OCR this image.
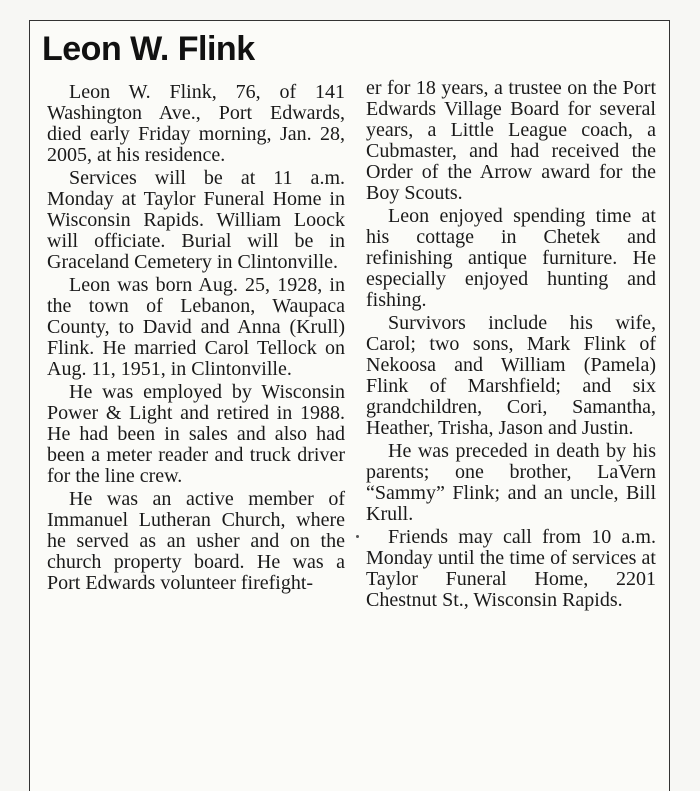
Leon W. Flink

Leon W. Flink, 76, of 141 Washington Ave., Port Edwards, died early Friday morning, Jan. 28, 2005, at his residence.

Services will be at 11 a.m. Monday at Taylor Funeral Home in Wisconsin Rapids. William Loock will officiate. Burial will be in Graceland Cemetery in Clintonville.

Leon was born Aug. 25, 1928, in the town of Lebanon, Waupaca County, to David and Anna (Krull) Flink. He married Carol Tellock on Aug. 11, 1951, in Clintonville.

He was employed by Wisconsin Power & Light and retired in 1988. He had been in sales and also had been a meter reader and truck driver for the line crew.

He was an active member of Immanuel Lutheran Church, where he served as an usher and on the church property board. He was a Port Edwards volunteer firefight-

er for 18 years, a trustee on the Port Edwards Village Board for several years, a Little League coach, a Cubmaster, and had received the Order of the Arrow award for the Boy Scouts.

Leon enjoyed spending time at his cottage in Chetek and refinishing antique furniture. He especially enjoyed hunting and fishing.

Survivors include his wife, Carol; two sons, Mark Flink of Nekoosa and William (Pamela) Flink of Marshfield; and six grandchildren, Cori, Samantha, Heather, Trisha, Jason and Justin.

He was preceded in death by his parents; one brother, LaVern “Sammy” Flink; and an uncle, Bill Krull.

Friends may call from 10 a.m. Monday until the time of services at Taylor Funeral Home, 2201 Chestnut St., Wisconsin Rapids.
